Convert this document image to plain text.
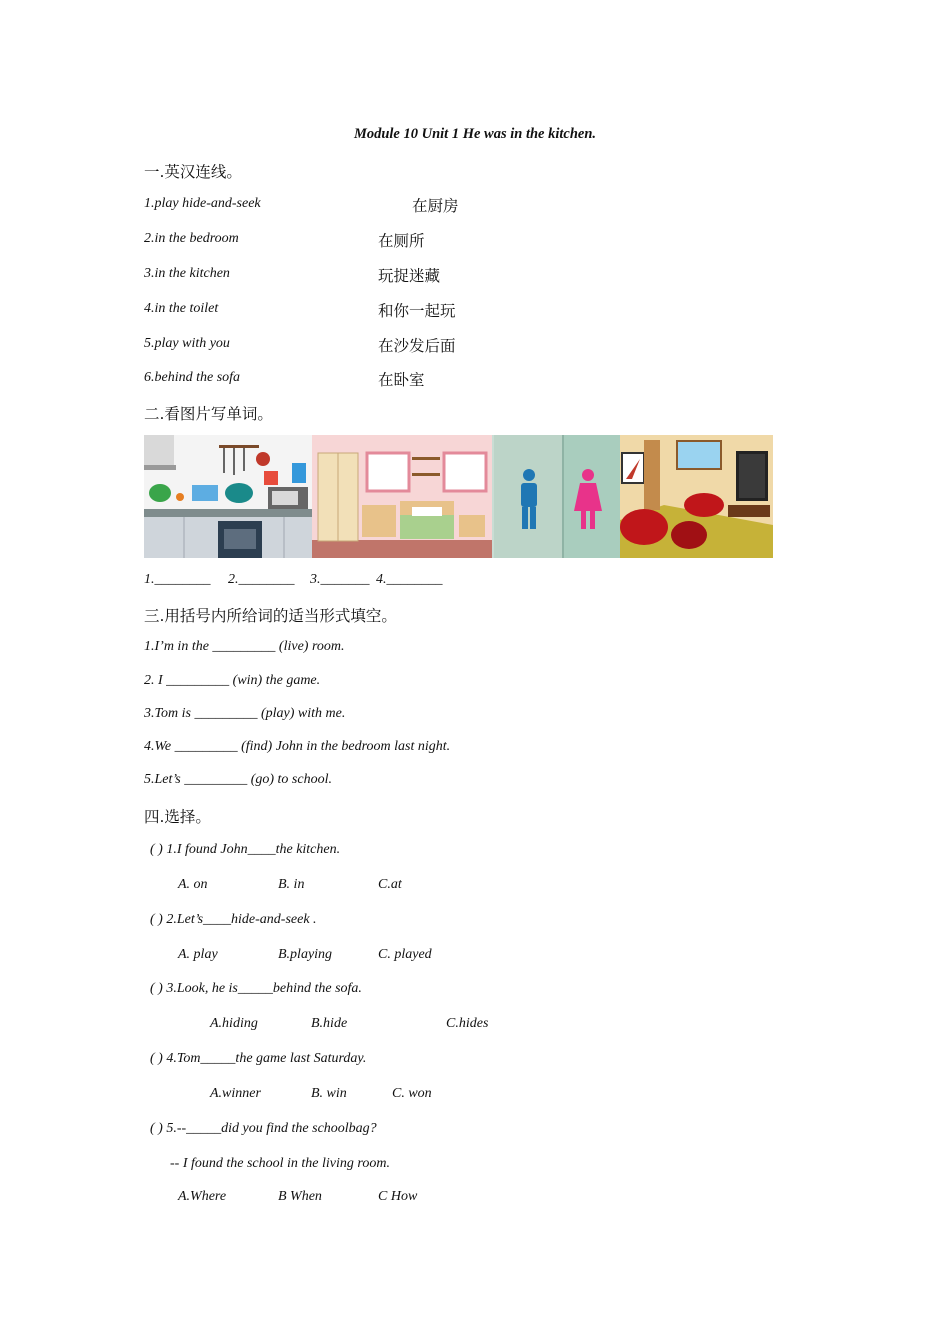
Module 10 Unit 1 He was in the kitchen.
一.英汉连线。
1.play hide-and-seek
2.in the bedroom
3.in the kitchen
4.in the toilet
5.play with you
6.behind the sofa
在厨房
在厕所
玩捉迷藏
和你一起玩
在沙发后面
在卧室
二.看图片写单词。
1.________ 2.________ 3._______ 4.________
三.用括号内所给词的适当形式填空。
1.I’m in the _________ (live) room.
2. I _________ (win) the game.
3.Tom is _________ (play) with me.
4.We _________ (find) John in the bedroom last night.
5.Let’s _________ (go) to school.
四.选择。
( ) 1.I found John____the kitchen.
A. on	B. in	C.at
( ) 2.Let’s____hide-and-seek .
A. play	B.playing	C. played
( ) 3.Look, he is_____behind the sofa.
A.hiding	B.hide	C.hides
( ) 4.Tom_____the game last Saturday.
A.winner	B. win	C. won
( ) 5.--_____did you find the schoolbag?
-- I found the school in the living room.
A.Where	B When	C How
